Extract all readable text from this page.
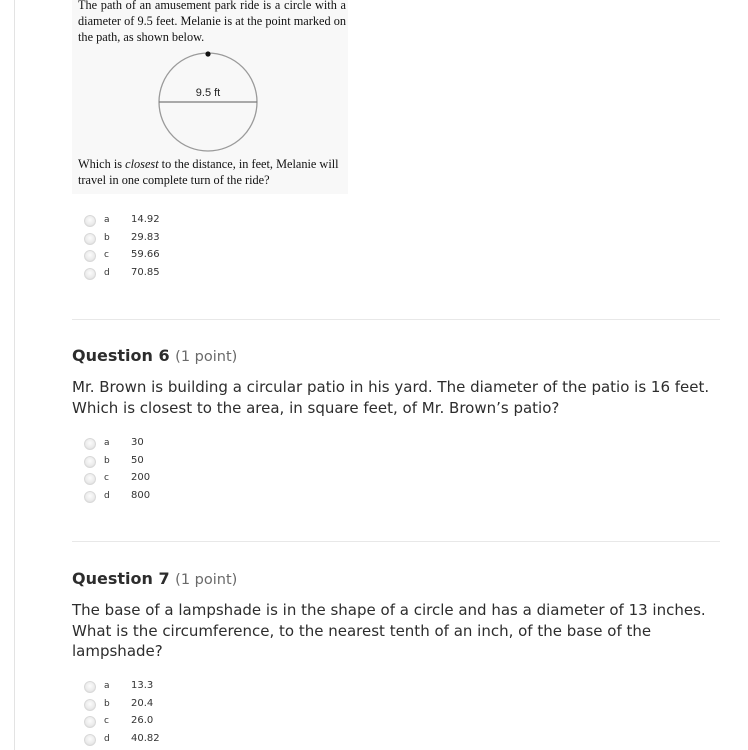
The path of an amusement park ride is a circle with a diameter of 9.5 feet. Melanie is at the point marked on the path, as shown below.
9.5 ft
Which is closest to the distance, in feet, Melanie will travel in one complete turn of the ride?
a 14.92
b 29.83
c 59.66
d 70.85
Question 6 (1 point)
Mr. Brown is building a circular patio in his yard. The diameter of the patio is 16 feet. Which is closest to the area, in square feet, of Mr. Brown’s patio?
a 30
b 50
c 200
d 800
Question 7 (1 point)
The base of a lampshade is in the shape of a circle and has a diameter of 13 inches. What is the circumference, to the nearest tenth of an inch, of the base of the lampshade?
a 13.3
b 20.4
c 26.0
d 40.82
